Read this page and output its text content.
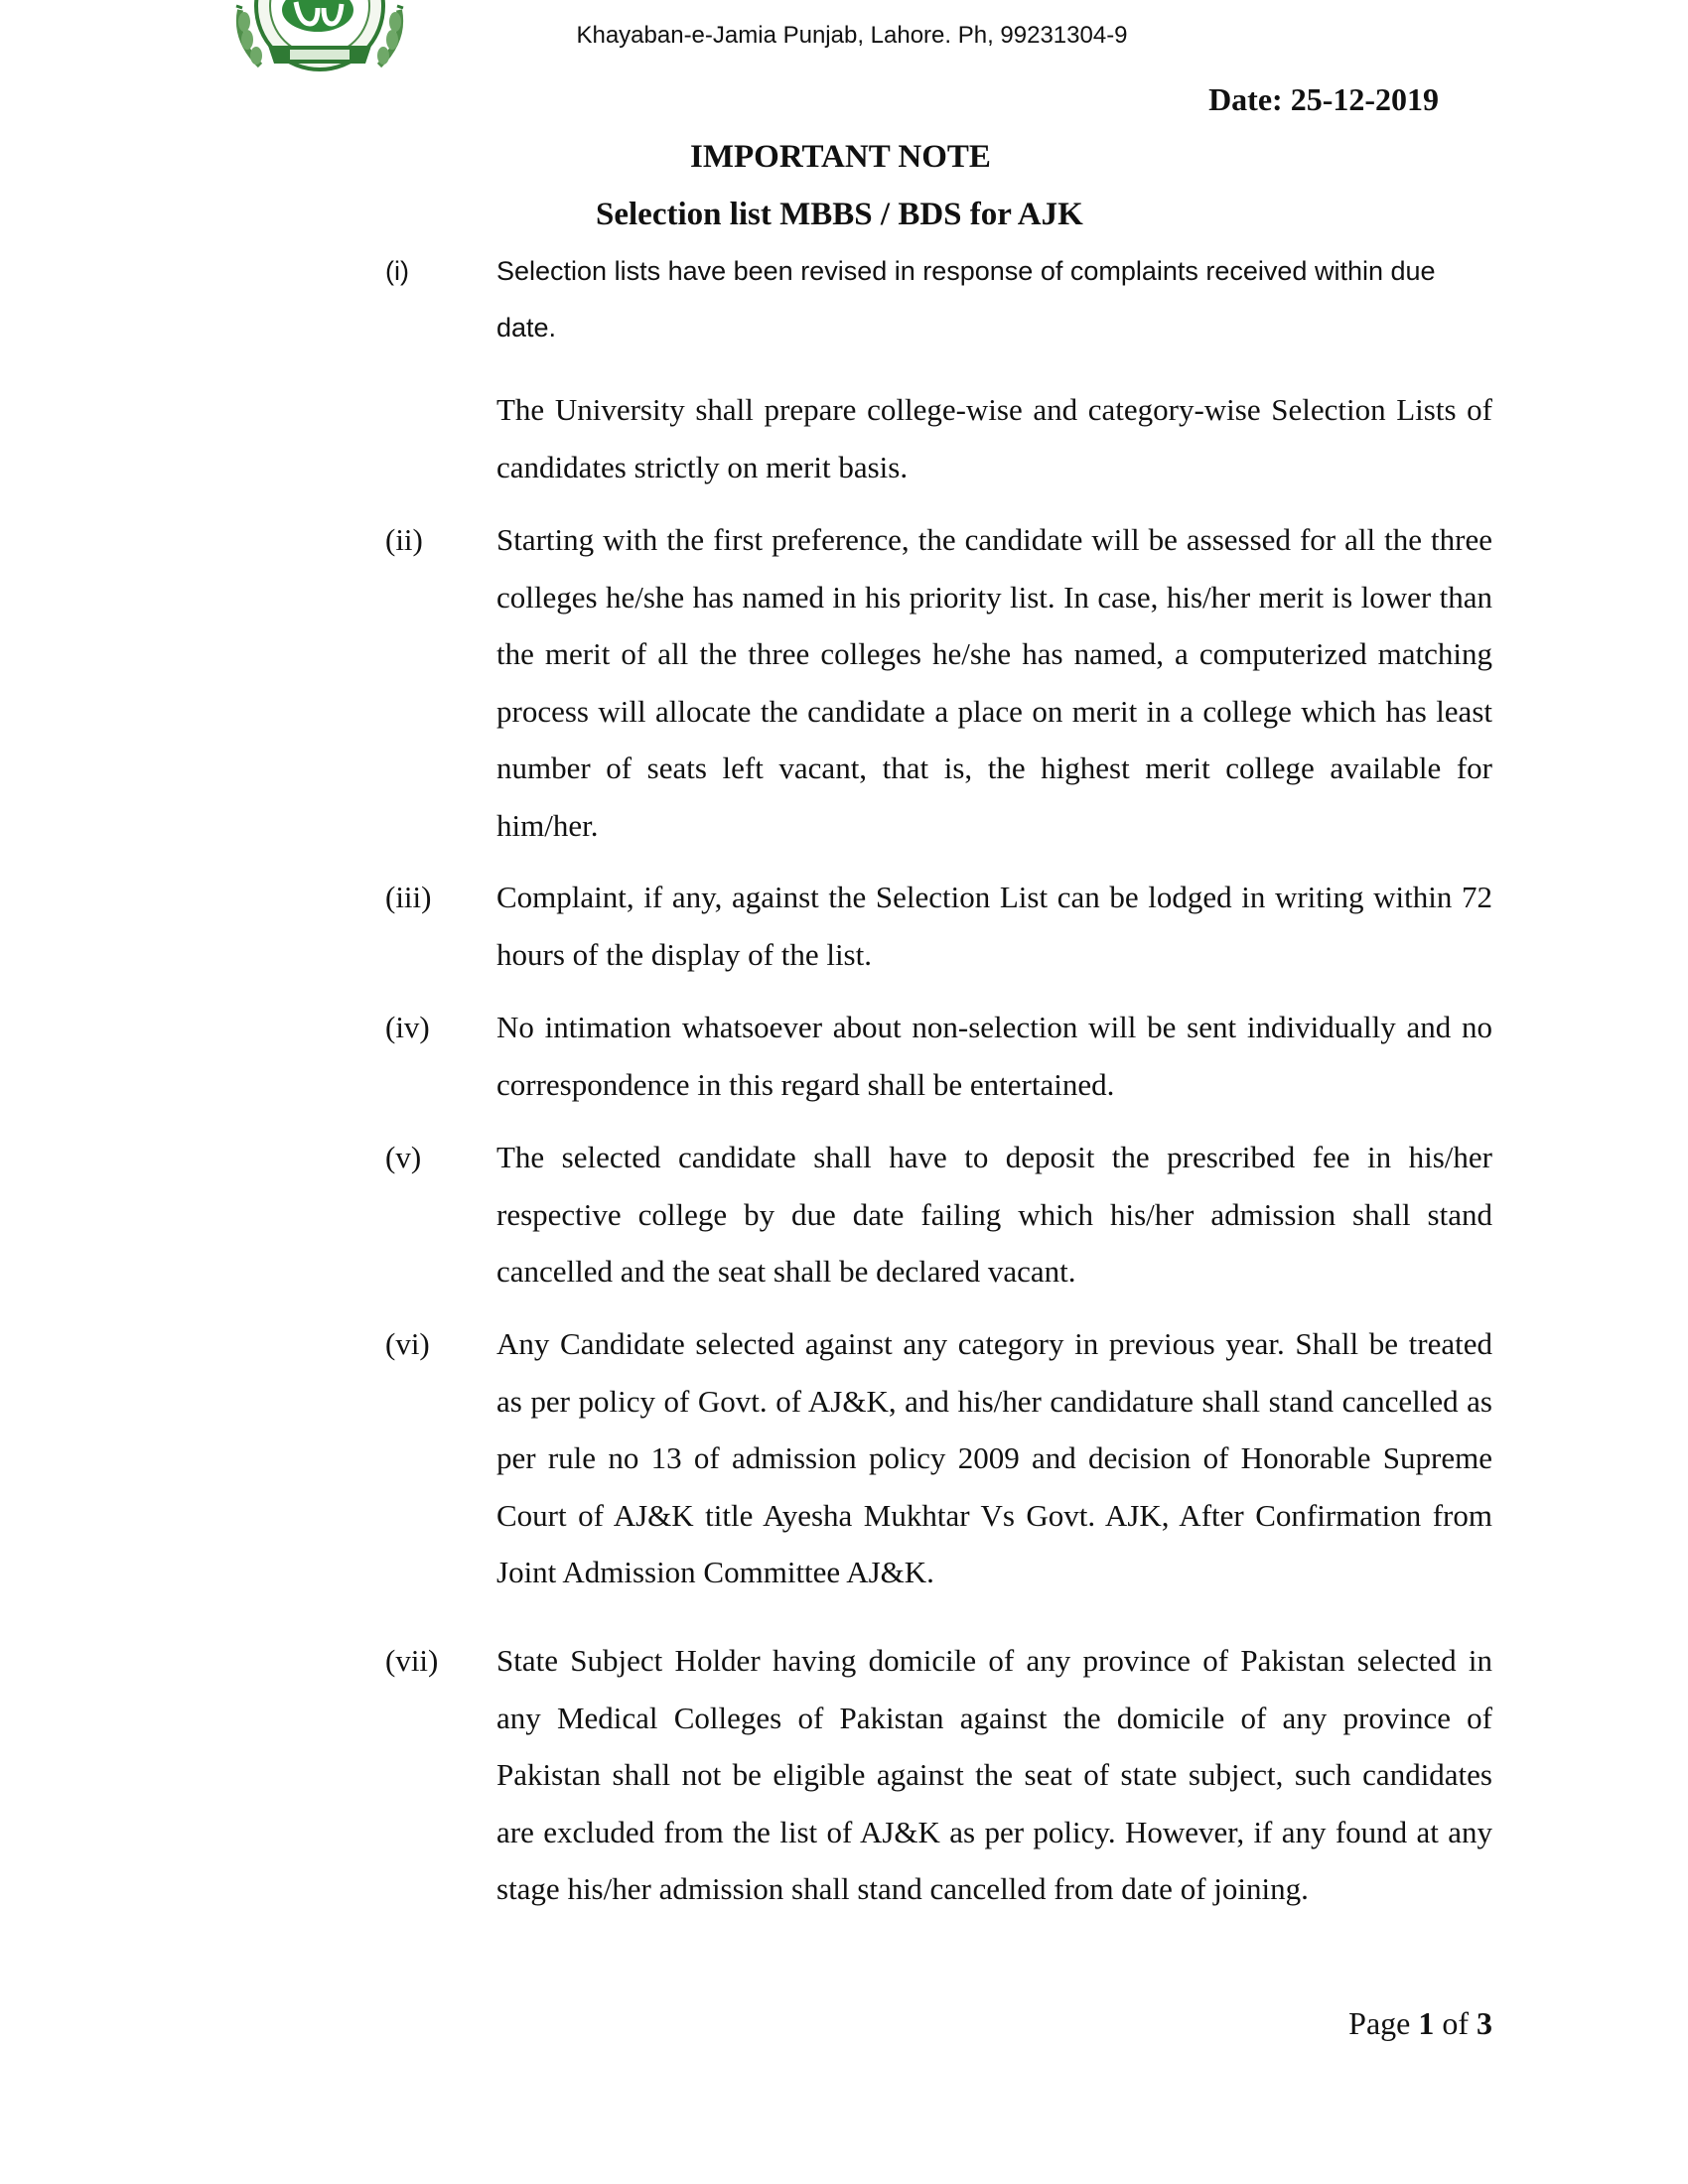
Khayaban-e-Jamia Punjab, Lahore. Ph, 99231304-9
Date: 25-12-2019
IMPORTANT NOTE
Selection list MBBS / BDS for AJK
(i)	Selection lists have been revised in response of complaints received within due date.
The University shall prepare college-wise and category-wise Selection Lists of candidates strictly on merit basis.
(ii) Starting with the first preference, the candidate will be assessed for all the three colleges he/she has named in his priority list. In case, his/her merit is lower than the merit of all the three colleges he/she has named, a computerized matching process will allocate the candidate a place on merit in a college which has least number of seats left vacant, that is, the highest merit college available for him/her.
(iii) Complaint, if any, against the Selection List can be lodged in writing within 72 hours of the display of the list.
(iv) No intimation whatsoever about non-selection will be sent individually and no correspondence in this regard shall be entertained.
(v) The selected candidate shall have to deposit the prescribed fee in his/her respective college by due date failing which his/her admission shall stand cancelled and the seat shall be declared vacant.
(vi) Any Candidate selected against any category in previous year. Shall be treated as per policy of Govt. of AJ&K, and his/her candidature shall stand cancelled as per rule no 13 of admission policy 2009 and decision of Honorable Supreme Court of AJ&K title Ayesha Mukhtar Vs Govt. AJK, After Confirmation from Joint Admission Committee AJ&K.
(vii) State Subject Holder having domicile of any province of Pakistan selected in any Medical Colleges of Pakistan against the domicile of any province of Pakistan shall not be eligible against the seat of state subject, such candidates are excluded from the list of AJ&K as per policy. However, if any found at any stage his/her admission shall stand cancelled from date of joining.
Page 1 of 3
